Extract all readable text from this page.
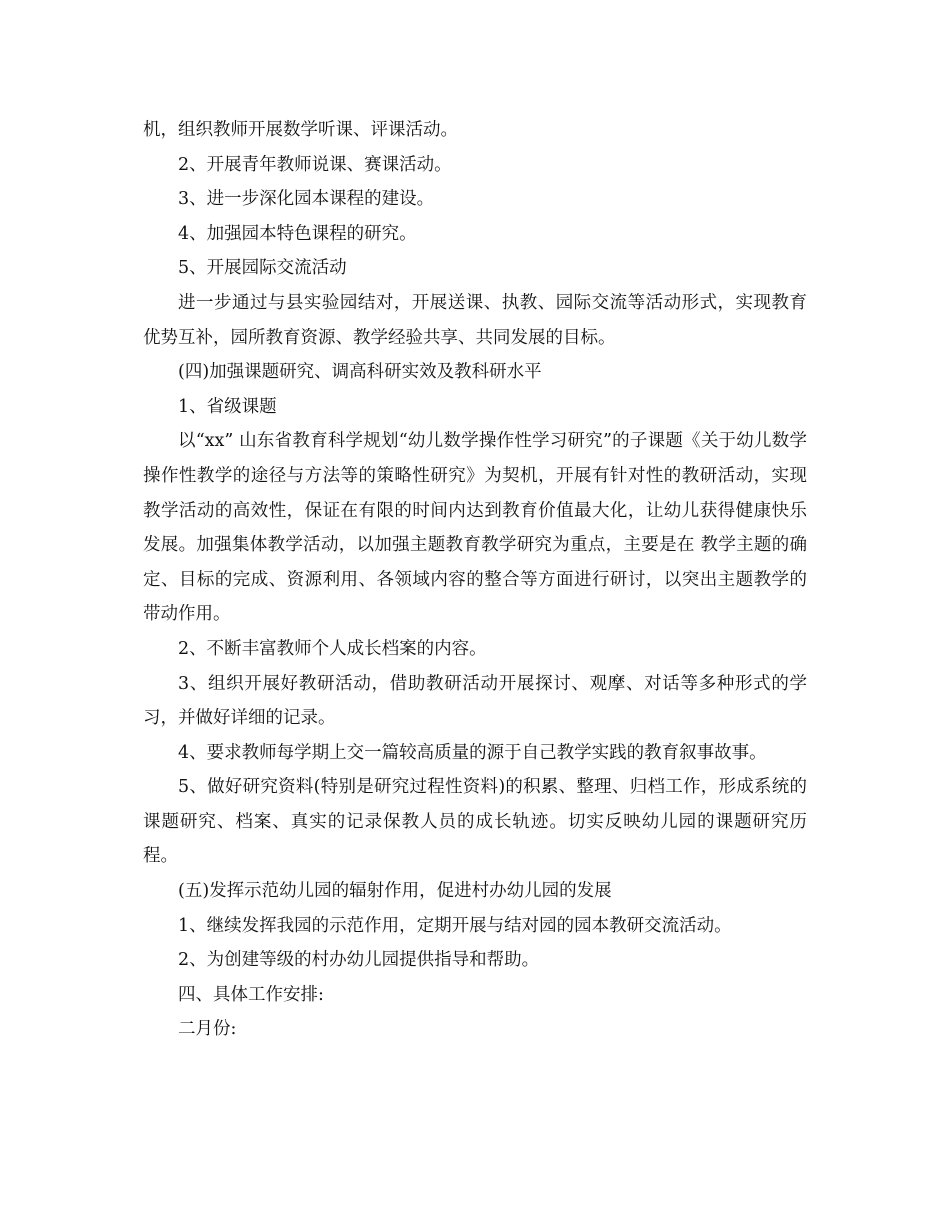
机，组织教师开展数学听课、评课活动。

2、开展青年教师说课、赛课活动。

3、进一步深化园本课程的建设。

4、加强园本特色课程的研究。

5、开展园际交流活动

进一步通过与县实验园结对，开展送课、执教、园际交流等活动形式，实现教育优势互补，园所教育资源、教学经验共享、共同发展的目标。

(四)加强课题研究、调高科研实效及教科研水平

1、省级课题

以“xx” 山东省教育科学规划“幼儿数学操作性学习研究”的子课题《关于幼儿数学操作性教学的途径与方法等的策略性研究》为契机，开展有针对性的教研活动，实现教学活动的高效性，保证在有限的时间内达到教育价值最大化，让幼儿获得健康快乐发展。加强集体教学活动，以加强主题教育教学研究为重点，主要是在 教学主题的确定、目标的完成、资源利用、各领域内容的整合等方面进行研讨，以突出主题教学的带动作用。

2、不断丰富教师个人成长档案的内容。

3、组织开展好教研活动，借助教研活动开展探讨、观摩、对话等多种形式的学习，并做好详细的记录。

4、要求教师每学期上交一篇较高质量的源于自己教学实践的教育叙事故事。

5、做好研究资料(特别是研究过程性资料)的积累、整理、归档工作，形成系统的课题研究、档案、真实的记录保教人员的成长轨迹。切实反映幼儿园的课题研究历程。

(五)发挥示范幼儿园的辐射作用，促进村办幼儿园的发展

1、继续发挥我园的示范作用，定期开展与结对园的园本教研交流活动。

2、为创建等级的村办幼儿园提供指导和帮助。

四、具体工作安排:

二月份:
